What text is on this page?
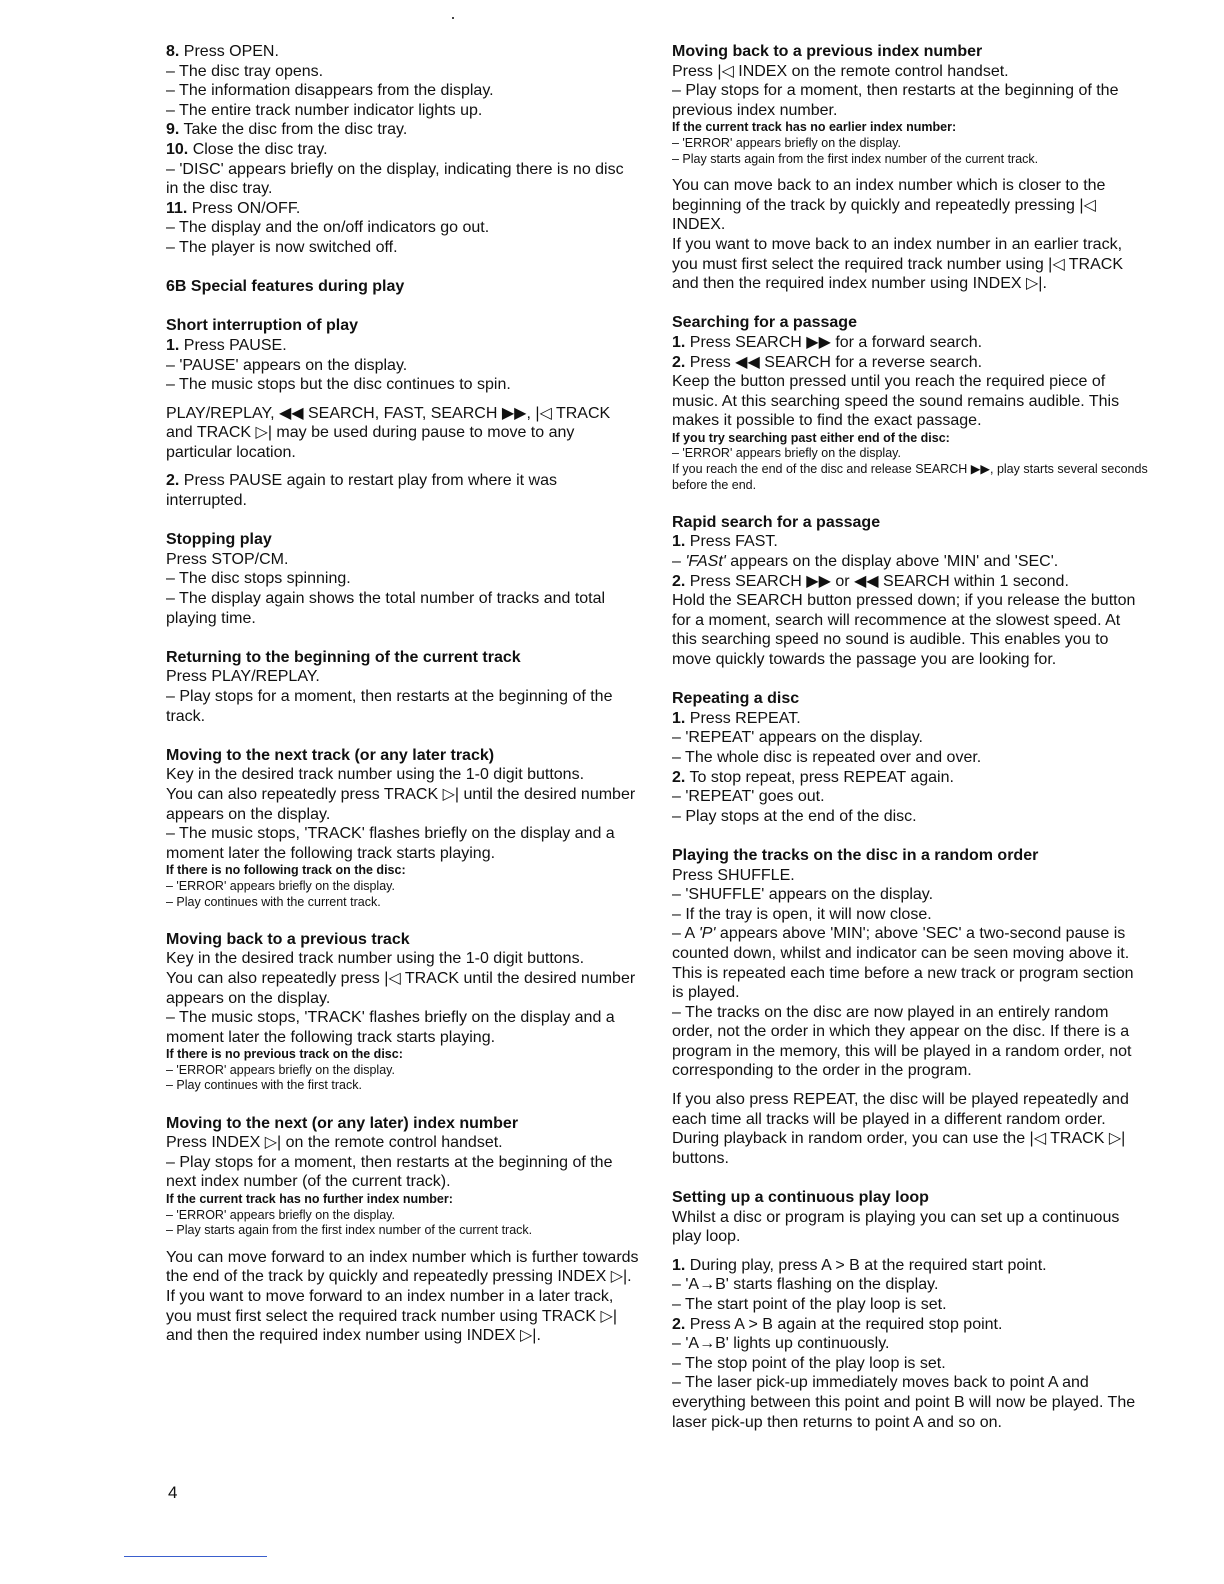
8. Press OPEN.

– The disc tray opens.

– The information disappears from the display.

– The entire track number indicator lights up.

9. Take the disc from the disc tray.

10. Close the disc tray.

– 'DISC' appears briefly on the display, indicating there is no disc in the disc tray.

11. Press ON/OFF.

– The display and the on/off indicators go out.

– The player is now switched off.

6B Special features during play

Short interruption of play

1. Press PAUSE.

– 'PAUSE' appears on the display.

– The music stops but the disc continues to spin.

PLAY/REPLAY, ◀◀ SEARCH, FAST, SEARCH ▶▶, |◁ TRACK and TRACK ▷| may be used during pause to move to any particular location.

2. Press PAUSE again to restart play from where it was interrupted.

Stopping play

Press STOP/CM.

– The disc stops spinning.

– The display again shows the total number of tracks and total playing time.

Returning to the beginning of the current track

Press PLAY/REPLAY.

– Play stops for a moment, then restarts at the beginning of the track.

Moving to the next track (or any later track)

Key in the desired track number using the 1-0 digit buttons.

You can also repeatedly press TRACK ▷| until the desired number appears on the display.

– The music stops, 'TRACK' flashes briefly on the display and a moment later the following track starts playing.

If there is no following track on the disc:

– 'ERROR' appears briefly on the display.

– Play continues with the current track.

Moving back to a previous track

Key in the desired track number using the 1-0 digit buttons.

You can also repeatedly press |◁ TRACK until the desired number appears on the display.

– The music stops, 'TRACK' flashes briefly on the display and a moment later the following track starts playing.

If there is no previous track on the disc:

– 'ERROR' appears briefly on the display.

– Play continues with the first track.

Moving to the next (or any later) index number

Press INDEX ▷| on the remote control handset.

– Play stops for a moment, then restarts at the beginning of the next index number (of the current track).

If the current track has no further index number:

– 'ERROR' appears briefly on the display.

– Play starts again from the first index number of the current track.

You can move forward to an index number which is further towards the end of the track by quickly and repeatedly pressing INDEX ▷|.

If you want to move forward to an index number in a later track, you must first select the required track number using TRACK ▷| and then the required index number using INDEX ▷|.

Moving back to a previous index number

Press |◁ INDEX on the remote control handset.

– Play stops for a moment, then restarts at the beginning of the previous index number.

If the current track has no earlier index number:

– 'ERROR' appears briefly on the display.

– Play starts again from the first index number of the current track.

You can move back to an index number which is closer to the beginning of the track by quickly and repeatedly pressing |◁ INDEX.

If you want to move back to an index number in an earlier track, you must first select the required track number using |◁ TRACK and then the required index number using INDEX ▷|.

Searching for a passage

1. Press SEARCH ▶▶ for a forward search.

2. Press ◀◀ SEARCH for a reverse search.

Keep the button pressed until you reach the required piece of music. At this searching speed the sound remains audible. This makes it possible to find the exact passage.

If you try searching past either end of the disc:

– 'ERROR' appears briefly on the display.

If you reach the end of the disc and release SEARCH ▶▶, play starts several seconds before the end.

Rapid search for a passage

1. Press FAST.

– 'FASt' appears on the display above 'MIN' and 'SEC'.

2. Press SEARCH ▶▶ or ◀◀ SEARCH within 1 second.

Hold the SEARCH button pressed down; if you release the button for a moment, search will recommence at the slowest speed. At this searching speed no sound is audible. This enables you to move quickly towards the passage you are looking for.

Repeating a disc

1. Press REPEAT.

– 'REPEAT' appears on the display.

– The whole disc is repeated over and over.

2. To stop repeat, press REPEAT again.

– 'REPEAT' goes out.

– Play stops at the end of the disc.

Playing the tracks on the disc in a random order

Press SHUFFLE.

– 'SHUFFLE' appears on the display.

– If the tray is open, it will now close.

– A 'P' appears above 'MIN'; above 'SEC' a two-second pause is counted down, whilst and indicator can be seen moving above it. This is repeated each time before a new track or program section is played.

– The tracks on the disc are now played in an entirely random order, not the order in which they appear on the disc. If there is a program in the memory, this will be played in a random order, not corresponding to the order in the program.

If you also press REPEAT, the disc will be played repeatedly and each time all tracks will be played in a different random order. During playback in random order, you can use the |◁ TRACK ▷| buttons.

Setting up a continuous play loop

Whilst a disc or program is playing you can set up a continuous play loop.

1. During play, press A > B at the required start point.

– 'A→B' starts flashing on the display.

– The start point of the play loop is set.

2. Press A > B again at the required stop point.

– 'A→B' lights up continuously.

– The stop point of the play loop is set.

– The laser pick-up immediately moves back to point A and everything between this point and point B will now be played. The laser pick-up then returns to point A and so on.

4
